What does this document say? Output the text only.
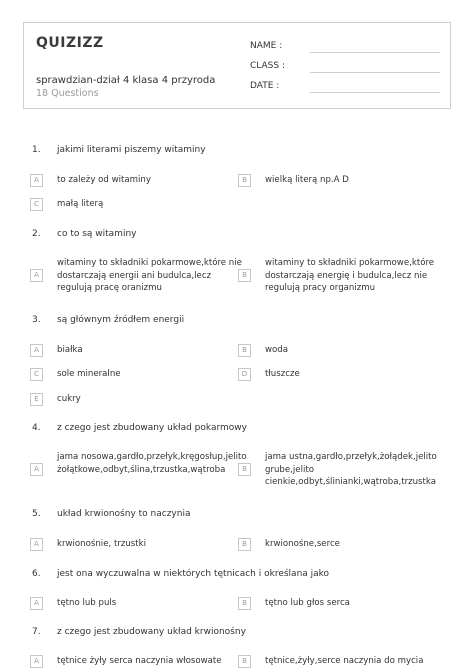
QUIZIZZ
sprawdzian-dział 4 klasa 4 przyroda
18 Questions
NAME :
CLASS :
DATE :
1.	jakimi literami piszemy witaminy
A	to zależy od witaminy	B	wielką literą np.A D
C	małą literą
2.	co to są witaminy
A
witaminy to składniki pokarmowe,które nie dostarczają energii ani budulca,lecz regulują pracę oranizmu
B
witaminy to składniki pokarmowe,które dostarczają energię i budulca,lecz nie regulują pracy organizmu
3.	są głównym źródłem energii
A	białka	B	woda
C	sole mineralne	D	tłuszcze
E	cukry
4.	z czego jest zbudowany układ pokarmowy
A
jama nosowa,gardło,przełyk,kręgosłup,jelito żołątkowe,odbyt,ślina,trzustka,wątroba	B
jama ustna,gardło,przełyk,żołądek,jelito grube,jelito cienkie,odbyt,ślinianki,wątroba,trzustka
5.	układ krwionośny to naczynia
A	krwionośnie, trzustki	B	krwionośne,serce
6.	jest ona wyczuwalna w niektórych tętnicach i określana jako
A	tętno lub puls	B	tętno lub głos serca
7.	z czego jest zbudowany układ krwionośny
A	tętnice żyły serca naczynia włosowate	B	tętnice,żyły,serce naczynia do mycia
